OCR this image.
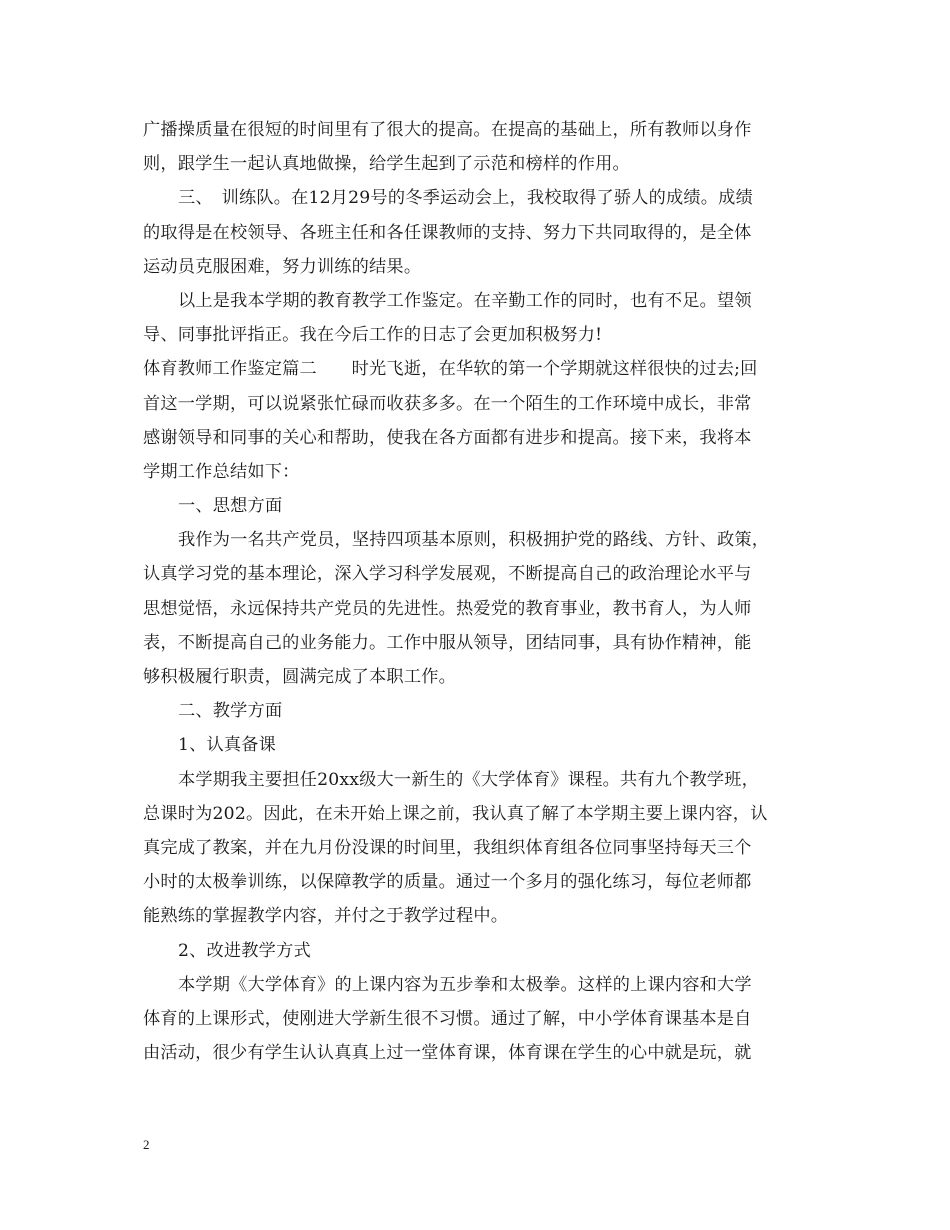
广播操质量在很短的时间里有了很大的提高。在提高的基础上，所有教师以身作
则，跟学生一起认真地做操，给学生起到了示范和榜样的作用。
三、　训练队。在12月29号的冬季运动会上，我校取得了骄人的成绩。成绩
的取得是在校领导、各班主任和各任课教师的支持、努力下共同取得的，是全体
运动员克服困难，努力训练的结果。
以上是我本学期的教育教学工作鉴定。在辛勤工作的同时，也有不足。望领
导、同事批评指正。我在今后工作的日志了会更加积极努力!
体育教师工作鉴定篇二　　时光飞逝，在华软的第一个学期就这样很快的过去;回
首这一学期，可以说紧张忙碌而收获多多。在一个陌生的工作环境中成长，非常
感谢领导和同事的关心和帮助，使我在各方面都有进步和提高。接下来，我将本
学期工作总结如下：
一、思想方面
我作为一名共产党员，坚持四项基本原则，积极拥护党的路线、方针、政策，
认真学习党的基本理论，深入学习科学发展观，不断提高自己的政治理论水平与
思想觉悟，永远保持共产党员的先进性。热爱党的教育事业，教书育人，为人师
表，不断提高自己的业务能力。工作中服从领导，团结同事，具有协作精神，能
够积极履行职责，圆满完成了本职工作。
二、教学方面
1、认真备课
本学期我主要担任20xx级大一新生的《大学体育》课程。共有九个教学班，
总课时为202。因此，在未开始上课之前，我认真了解了本学期主要上课内容，认
真完成了教案，并在九月份没课的时间里，我组织体育组各位同事坚持每天三个
小时的太极拳训练，以保障教学的质量。通过一个多月的强化练习，每位老师都
能熟练的掌握教学内容，并付之于教学过程中。
2、改进教学方式
本学期《大学体育》的上课内容为五步拳和太极拳。这样的上课内容和大学
体育的上课形式，使刚进大学新生很不习惯。通过了解，中小学体育课基本是自
由活动，很少有学生认认真真上过一堂体育课，体育课在学生的心中就是玩，就
2
